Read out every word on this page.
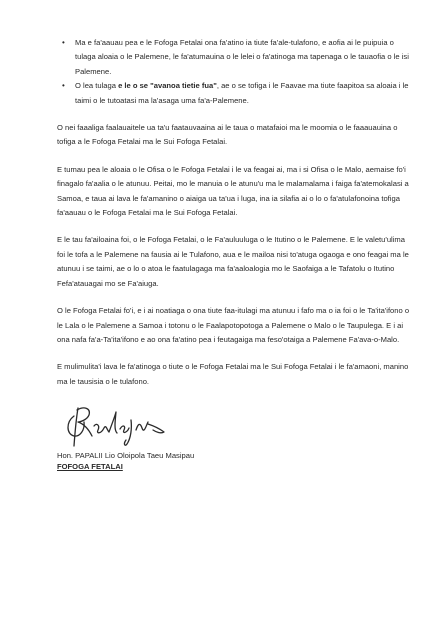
• Ma e fa'aauau pea e le Fofoga Fetalai ona fa'atino ia tiute fa'ale-tulafono, e aofia ai le puipuia o tulaga aloaia o le Palemene, le fa'atumauina o le lelei o fa'atinoga ma tapenaga o le tauaofia o le isi Palemene.
• O lea tulaga e le o se "avanoa tietie fua", ae o se tofiga i le Faavae ma tiute faapitoa sa aloaia i le taimi o le tutoatasi ma la'asaga uma fa'a-Palemene.

O nei faaaliga faalauaitele ua ta'u faatauvaaina ai le taua o matafaioi ma le moomia o le faaauauina o tofiga a le Fofoga Fetalai ma le Sui Fofoga Fetalai.

E tumau pea le aloaia o le Ofisa o le Fofoga Fetalai i le va feagai ai, ma i si Ofisa o le Malo, aemaise fo'i finagalo fa'aalia o le atunuu. Peitai, mo le manuia o le atunu'u ma le malamalama i faiga fa'atemokalasi a Samoa, e taua ai lava le fa'amanino o aiaiga ua ta'ua i luga, ina ia silafia ai o lo o fa'atulafonoina tofiga fa'aauau o le Fofoga Fetalai ma le Sui Fofoga Fetalai.

E le tau fa'ailoaina foi, o le Fofoga Fetalai, o le Fa'auluuluga o le Itutino o le Palemene. E le valetu'ulima foi le tofa a le Palemene na fausia ai le Tulafono, aua e le mailoa nisi to'atuga ogaoga e ono feagai ma le atunuu i se taimi, ae o lo o atoa le faatulagaga ma fa'aaloalogia mo le Saofaiga a le Tafatolu o Itutino Fefa'atauagai mo se Fa'aiuga.

O le Fofoga Fetalai fo'i, e i ai noatiaga o ona tiute faa-itulagi ma atunuu i fafo ma o ia foi o le Ta'ita'ifono o le Lala o le Palemene a Samoa i totonu o le Faalapotopotoga a Palemene o Malo o le Taupulega. E i ai ona nafa fa'a-Ta'ita'ifono e ao ona fa'atino pea i feutagaiga ma feso'otaiga a Palemene Fa'ava-o-Malo.

E mulimulita'i lava le fa'atinoga o tiute o le Fofoga Fetalai ma le Sui Fofoga Fetalai i le fa'amaoni, manino ma le tausisia o le tulafono.

Hon. PAPALII Lio Oloipola Taeu Masipau

FOFOGA FETALAI
